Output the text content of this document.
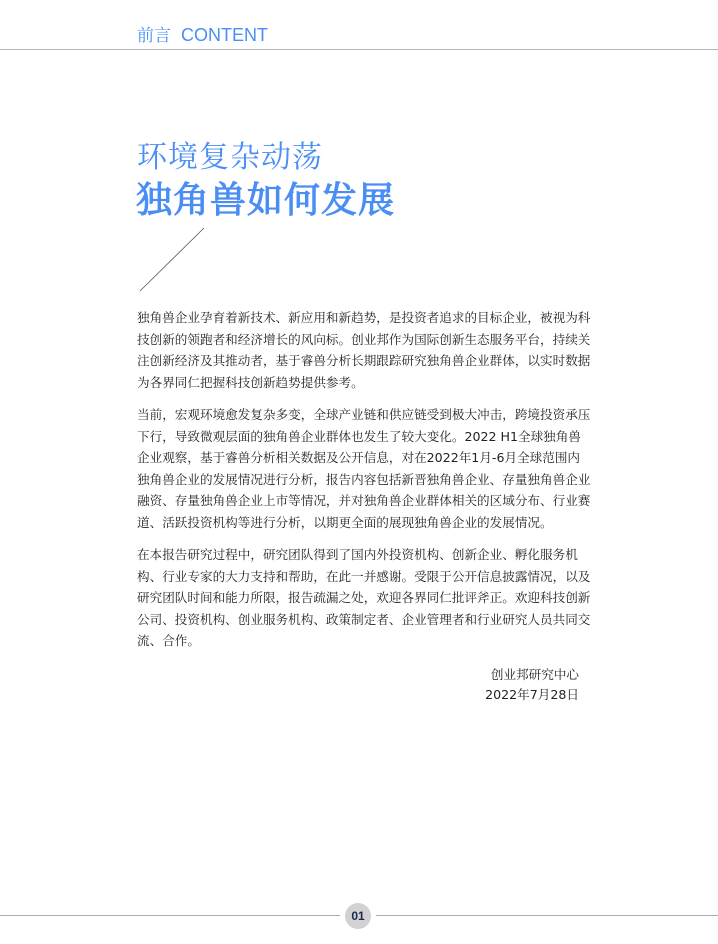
前言 CONTENT
环境复杂动荡
独角兽如何发展
独角兽企业孕育着新技术、新应用和新趋势，是投资者追求的目标企业，被视为科
技创新的领跑者和经济增长的风向标。创业邦作为国际创新生态服务平台，持续关
注创新经济及其推动者，基于睿兽分析长期跟踪研究独角兽企业群体，以实时数据
为各界同仁把握科技创新趋势提供参考。
当前，宏观环境愈发复杂多变，全球产业链和供应链受到极大冲击，跨境投资承压
下行，导致微观层面的独角兽企业群体也发生了较大变化。2022 H1全球独角兽
企业观察，基于睿兽分析相关数据及公开信息，对在2022年1月-6月全球范围内
独角兽企业的发展情况进行分析，报告内容包括新晋独角兽企业、存量独角兽企业
融资、存量独角兽企业上市等情况，并对独角兽企业群体相关的区域分布、行业赛
道、活跃投资机构等进行分析，以期更全面的展现独角兽企业的发展情况。
在本报告研究过程中，研究团队得到了国内外投资机构、创新企业、孵化服务机
构、行业专家的大力支持和帮助，在此一并感谢。受限于公开信息披露情况，以及
研究团队时间和能力所限，报告疏漏之处，欢迎各界同仁批评斧正。欢迎科技创新
公司、投资机构、创业服务机构、政策制定者、企业管理者和行业研究人员共同交
流、合作。
创业邦研究中心
2022年7月28日
01
